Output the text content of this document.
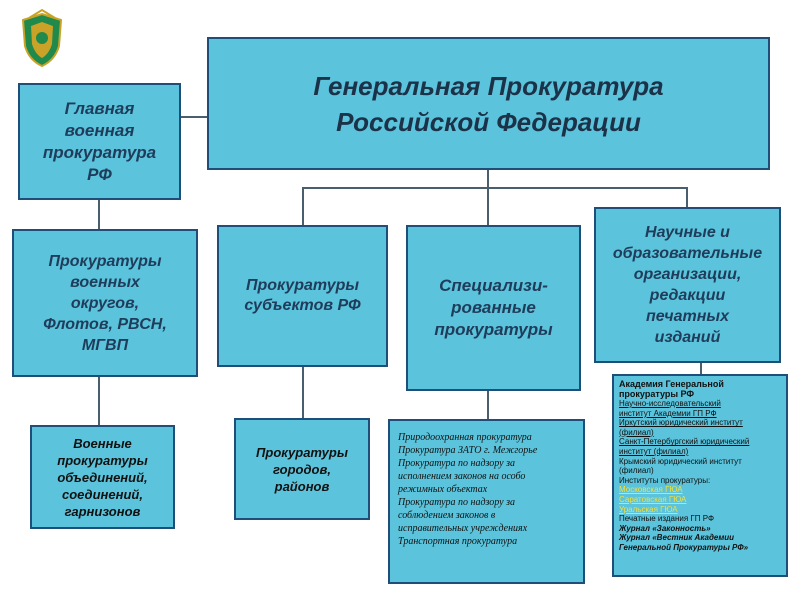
Генеральная Прокуратура
Российской Федерации
Главная
военная
прокуратура
РФ
Прокуратуры
военных
округов,
Флотов, РВСН,
МГВП
Военные
прокуратуры
объединений,
соединений,
гарнизонов
Прокуратуры
субъектов РФ
Прокуратуры
городов,
районов
Специализи-
рованные
прокуратуры
Научные и
образовательные
организации,
редакции
печатных
изданий
Природоохранная прокуратура
Прокуратура ЗАТО г. Межгорье
Прокуратура по надзору за
исполнением законов на особо
режимных объектах
Прокуратура по надзору за
соблюдением законов в
исправительных учреждениях
Транспортная прокуратура
Академия Генеральной
прокуратуры РФ
Научно-исследовательский
институт Академии ГП РФ
Иркутский юридический институт
(филиал)
Санкт-Петербургский юридический
институт (филиал)
Крымский юридический институт
(филиал)
Институты прокуратуры:
Московская ГЮА
Саратовская ГЮА
Уральская ГЮА
Печатные издания ГП РФ
Журнал «Законность»
Журнал «Вестник Академии
Генеральной Прокуратуры РФ»
